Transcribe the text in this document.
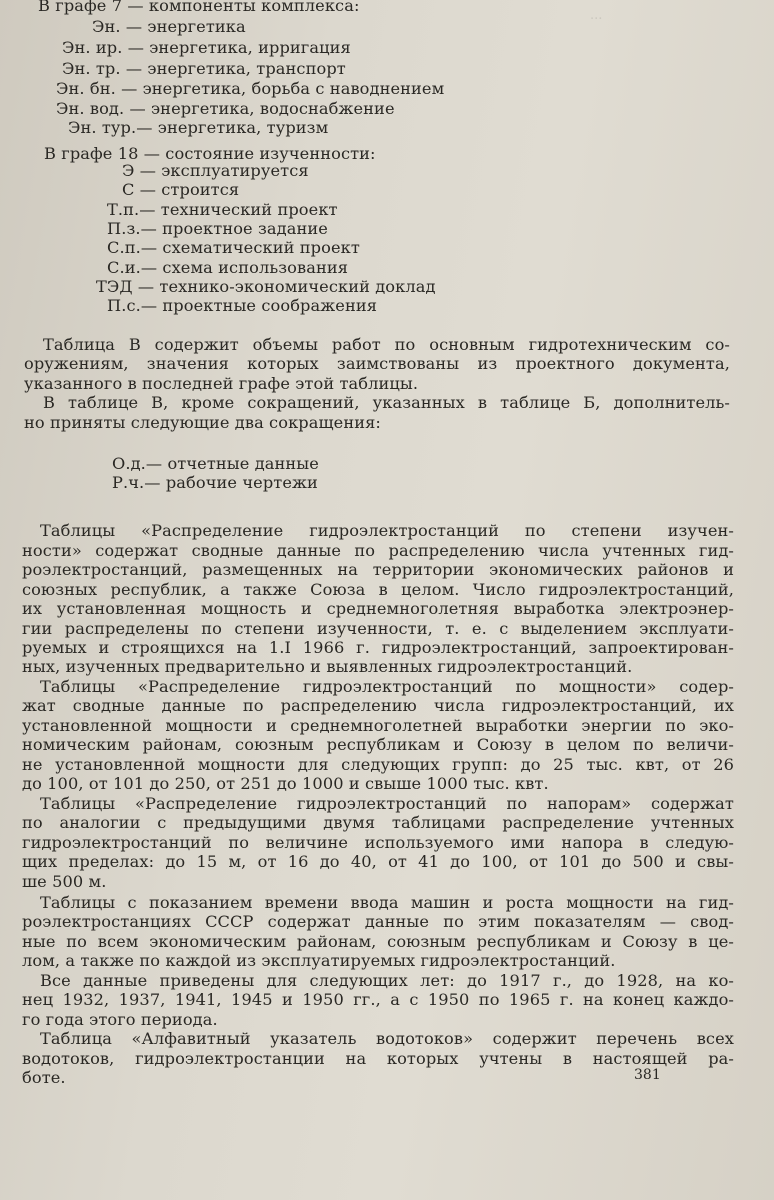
...
В графе 7 — компоненты комплекса:
Эн. — энергетика
Эн. ир. — энергетика, ирригация
Эн. тр. — энергетика, транспорт
Эн. бн. — энергетика, борьба с наводнением
Эн. вод. — энергетика, водоснабжение
Эн. тур.— энергетика, туризм
В графе 18 — состояние изученности:
Э — эксплуатируется
С — строится
Т.п.— технический проект
П.з.— проектное задание
С.п.— схематический проект
С.и.— схема использования
ТЭД — технико-экономический доклад
П.с.— проектные соображения
Таблица В содержит объемы работ по основным гидротехническим со-
оружениям, значения которых заимствованы из проектного документа,
указанного в последней графе этой таблицы.
В таблице В, кроме сокращений, указанных в таблице Б, дополнитель-
но приняты следующие два сокращения:
О.д.— отчетные данные
Р.ч.— рабочие чертежи
Таблицы «Распределение гидроэлектростанций по степени изучен-
ности» содержат сводные данные по распределению числа учтенных гид-
роэлектростанций, размещенных на территории экономических районов и
союзных республик, а также Союза в целом. Число гидроэлектростанций,
их установленная мощность и среднемноголетняя выработка электроэнер-
гии распределены по степени изученности, т. е. с выделением эксплуати-
руемых и строящихся на 1.I 1966 г. гидроэлектростанций, запроектирован-
ных, изученных предварительно и выявленных гидроэлектростанций.
Таблицы «Распределение гидроэлектростанций по мощности» содер-
жат сводные данные по распределению числа гидроэлектростанций, их
установленной мощности и среднемноголетней выработки энергии по эко-
номическим районам, союзным республикам и Союзу в целом по величи-
не установленной мощности для следующих групп: до 25 тыс. квт, от 26
до 100, от 101 до 250, от 251 до 1000 и свыше 1000 тыс. квт.
Таблицы «Распределение гидроэлектростанций по напорам» содержат
по аналогии с предыдущими двумя таблицами распределение учтенных
гидроэлектростанций по величине используемого ими напора в следую-
щих пределах: до 15 м, от 16 до 40, от 41 до 100, от 101 до 500 и свы-
ше 500 м.
Таблицы с показанием времени ввода машин и роста мощности на гид-
роэлектростанциях СССР содержат данные по этим показателям — свод-
ные по всем экономическим районам, союзным республикам и Союзу в це-
лом, а также по каждой из эксплуатируемых гидроэлектростанций.
Все данные приведены для следующих лет: до 1917 г., до 1928, на ко-
нец 1932, 1937, 1941, 1945 и 1950 гг., а с 1950 по 1965 г. на конец каждо-
го года этого периода.
Таблица «Алфавитный указатель водотоков» содержит перечень всех
водотоков, гидроэлектростанции на которых учтены в настоящей ра-
боте.	381
